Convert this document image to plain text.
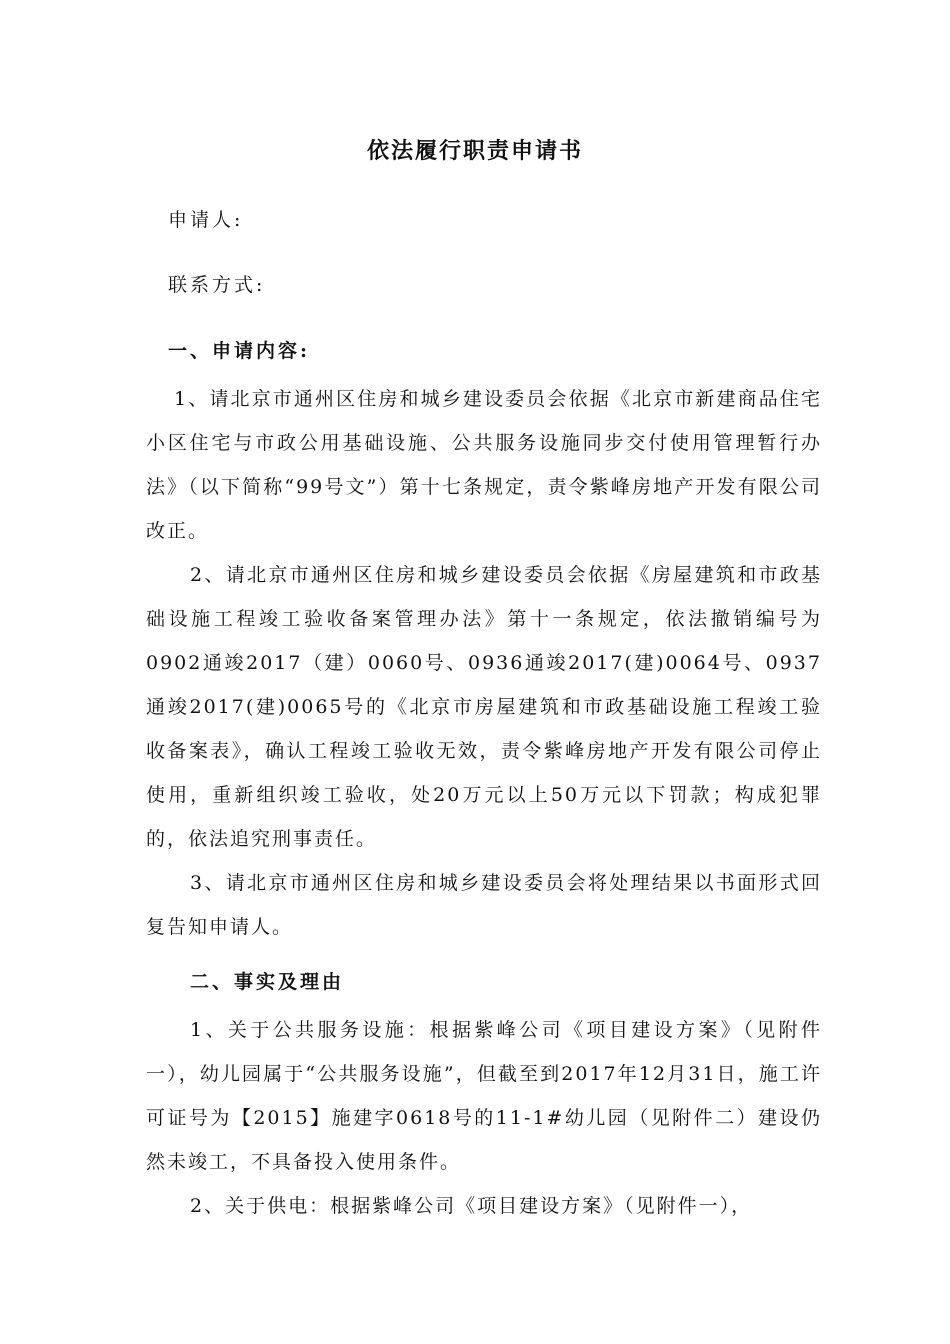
依法履行职责申请书
申请人:
联系方式:
一、申请内容:

1、请北京市通州区住房和城乡建设委员会依据《北京市新建商品住宅小区住宅与市政公用基础设施、公共服务设施同步交付使用管理暂行办法》（以下简称“99号文”）第十七条规定，责令紫峰房地产开发有限公司改正。

2、请北京市通州区住房和城乡建设委员会依据《房屋建筑和市政基础设施工程竣工验收备案管理办法》第十一条规定，依法撤销编号为0902通竣2017（建）0060号、0936通竣2017(建)0064号、0937通竣2017(建)0065号的《北京市房屋建筑和市政基础设施工程竣工验收备案表》，确认工程竣工验收无效，责令紫峰房地产开发有限公司停止使用，重新组织竣工验收，处20万元以上50万元以下罚款；构成犯罪的，依法追究刑事责任。

3、请北京市通州区住房和城乡建设委员会将处理结果以书面形式回复告知申请人。

二、事实及理由

1、关于公共服务设施：根据紫峰公司《项目建设方案》（见附件一），幼儿园属于“公共服务设施”，但截至到2017年12月31日，施工许可证号为【2015】施建字0618号的11-1#幼儿园（见附件二）建设仍然未竣工，不具备投入使用条件。

2、关于供电：根据紫峰公司《项目建设方案》（见附件一），
